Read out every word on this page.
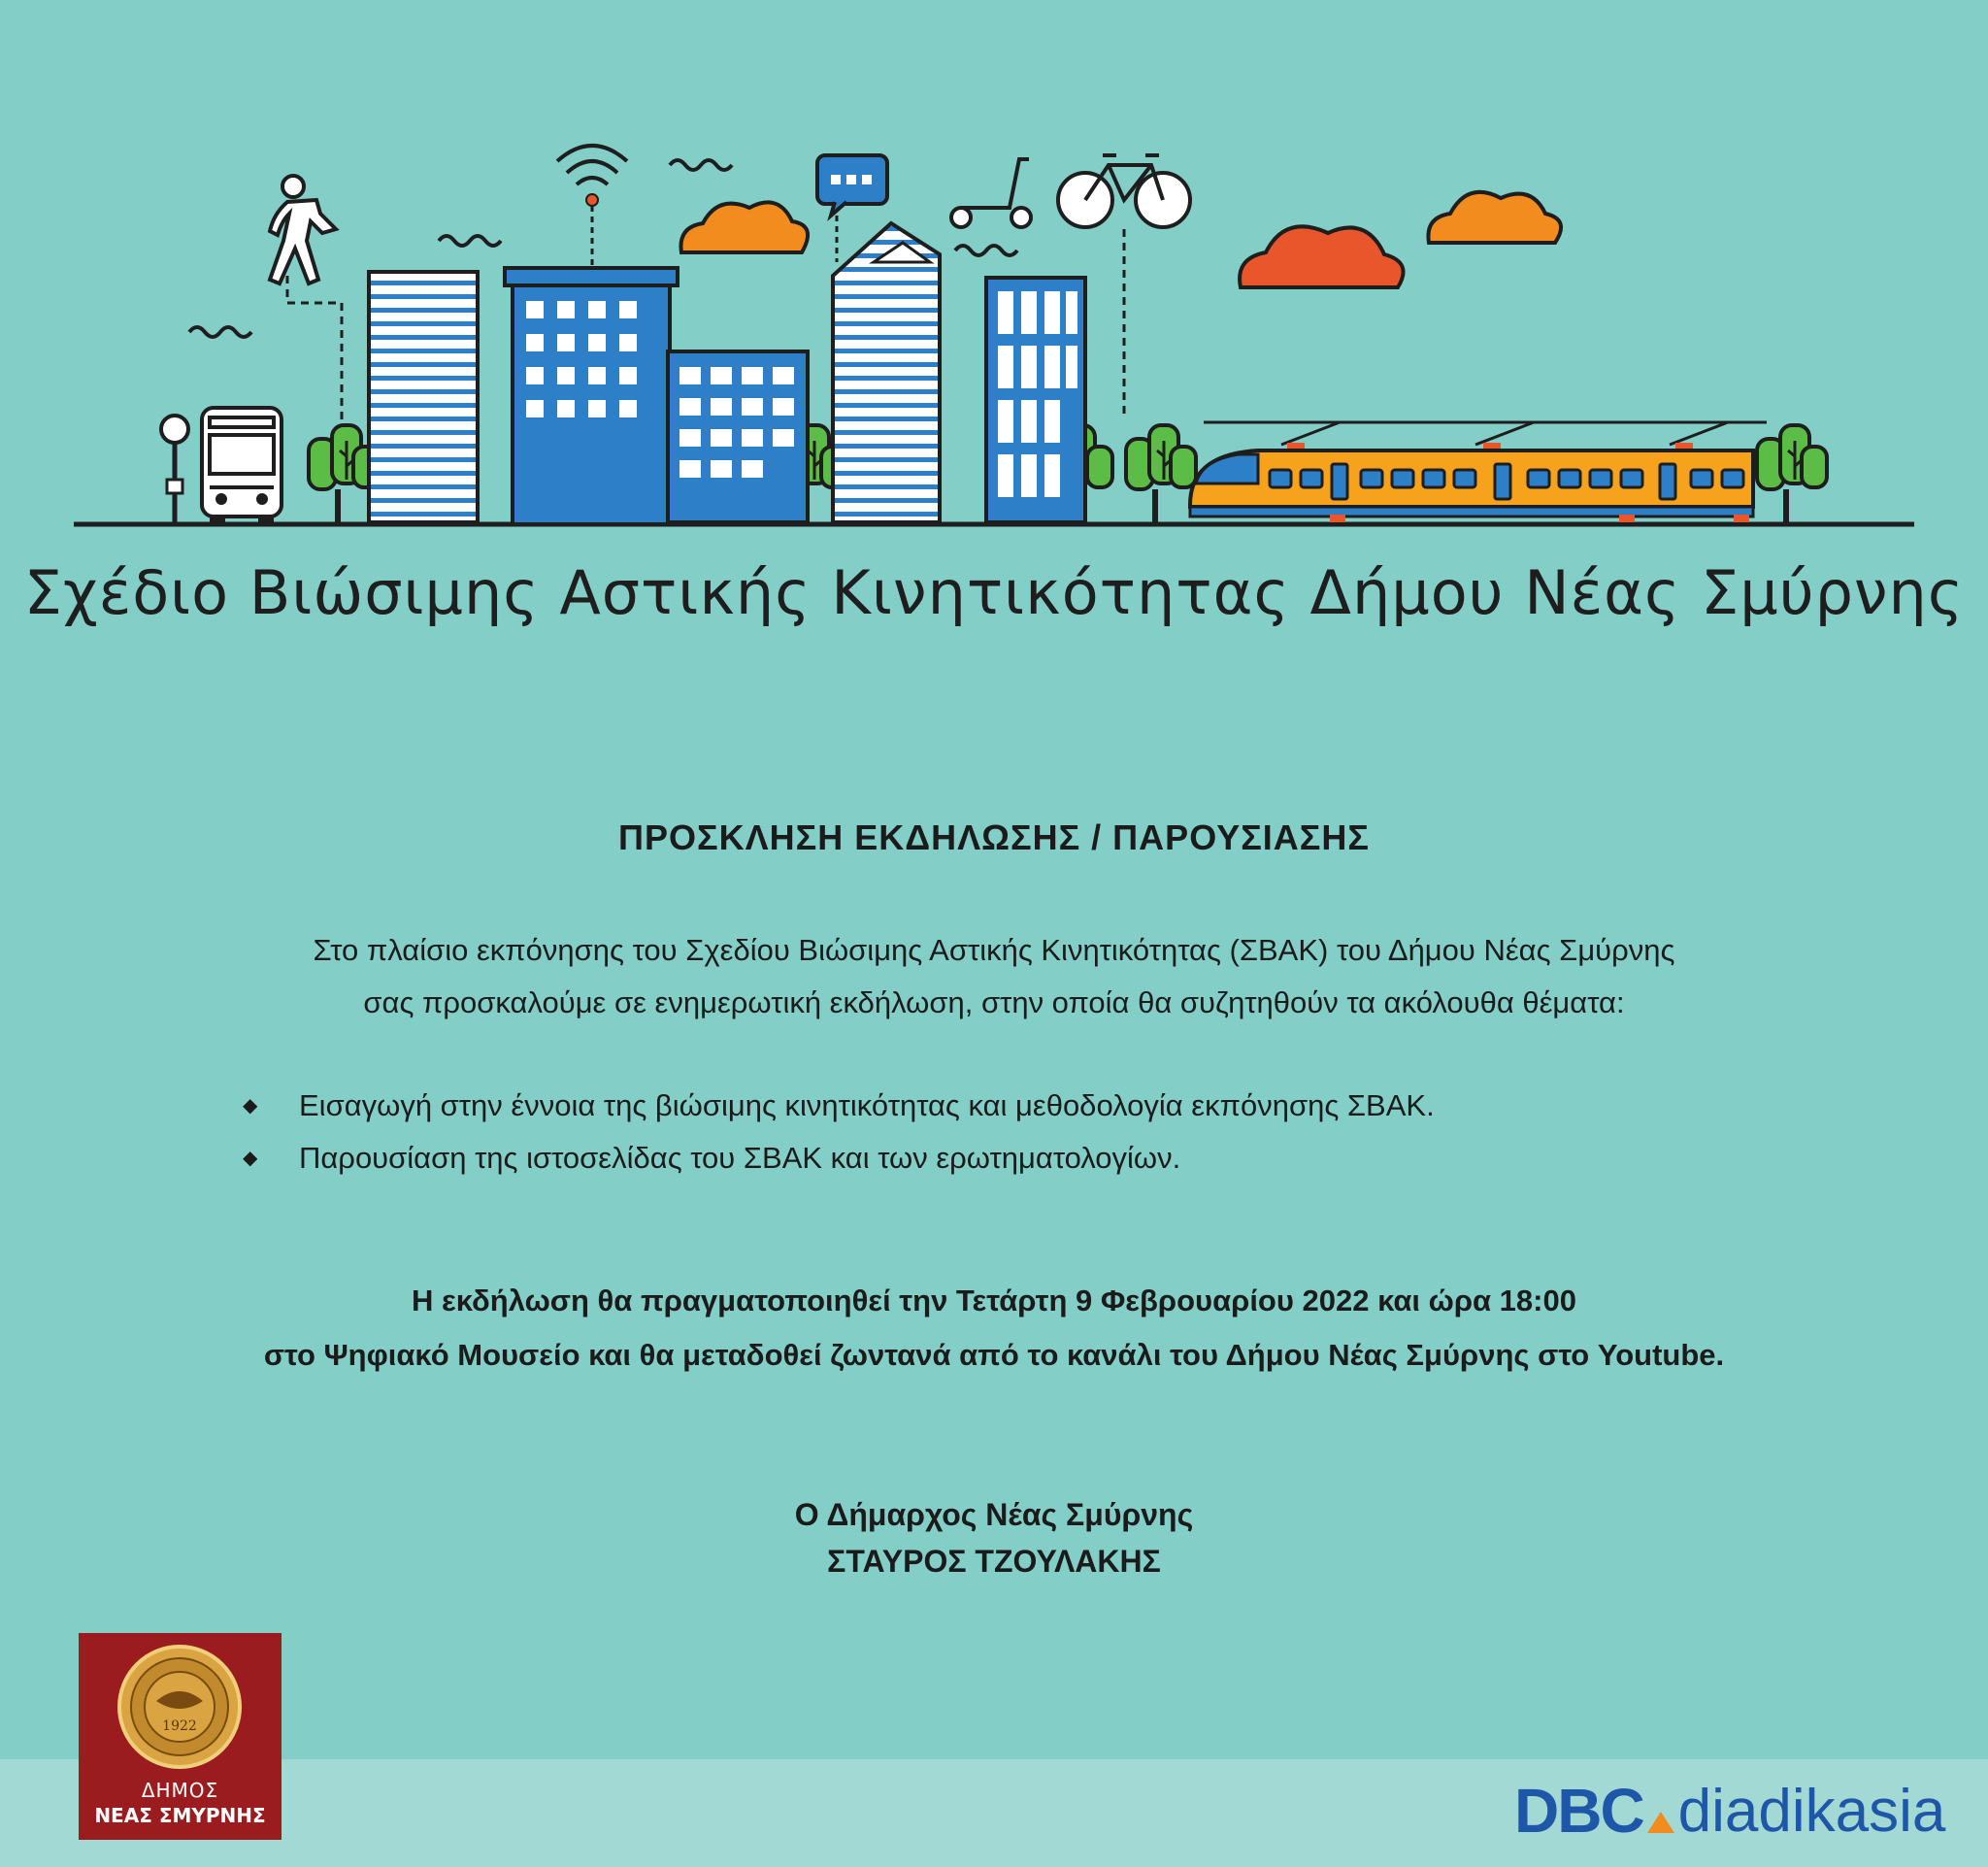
Σχέδιο Βιώσιμης Αστικής Κινητικότητας Δήμου Νέας Σμύρνης
ΠΡΟΣΚΛΗΣΗ ΕΚΔΗΛΩΣΗΣ / ΠΑΡΟΥΣΙΑΣΗΣ
Στο πλαίσιο εκπόνησης του Σχεδίου Βιώσιμης Αστικής Κινητικότητας (ΣΒΑΚ) του Δήμου Νέας Σμύρνης
σας προσκαλούμε σε ενημερωτική εκδήλωση, στην οποία θα συζητηθούν τα ακόλουθα θέματα:
◆ Εισαγωγή στην έννοια της βιώσιμης κινητικότητας και μεθοδολογία εκπόνησης ΣΒΑΚ.
◆ Παρουσίαση της ιστοσελίδας του ΣΒΑΚ και των ερωτηματολογίων.
Η εκδήλωση θα πραγματοποιηθεί την Τετάρτη 9 Φεβρουαρίου 2022 και ώρα 18:00
στο Ψηφιακό Μουσείο και θα μεταδοθεί ζωντανά από το κανάλι του Δήμου Νέας Σμύρνης στο Youtube.
Ο Δήμαρχος Νέας Σμύρνης
ΣΤΑΥΡΟΣ ΤΖΟΥΛΑΚΗΣ
1922
ΔΗΜΟΣ
ΝΕΑΣ ΣΜΥΡΝΗΣ	DBC diadikasia
